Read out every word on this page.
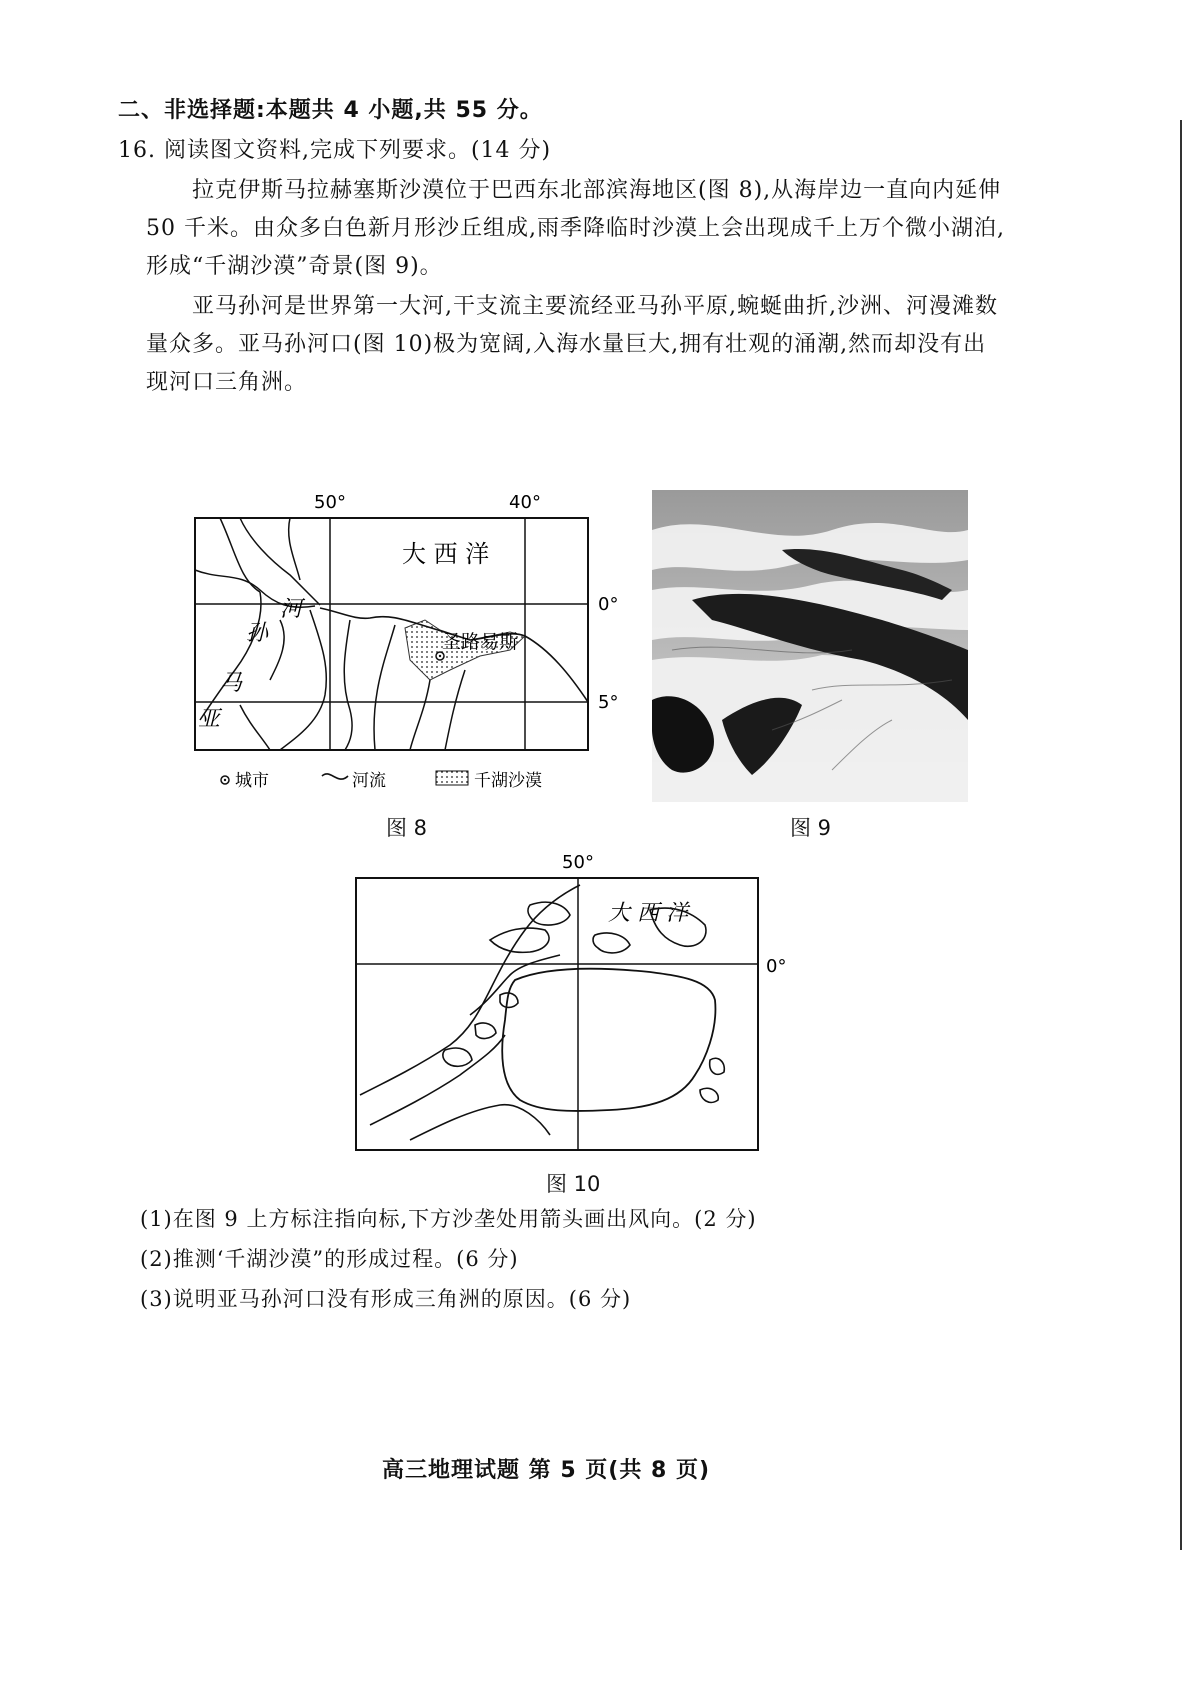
二、非选择题:本题共 4 小题,共 55 分。
16. 阅读图文资料,完成下列要求。(14 分)
拉克伊斯马拉赫塞斯沙漠位于巴西东北部滨海地区(图 8),从海岸边一直向内延伸
50 千米。由众多白色新月形沙丘组成,雨季降临时沙漠上会出现成千上万个微小湖泊,
形成“千湖沙漠”奇景(图 9)。
亚马孙河是世界第一大河,干支流主要流经亚马孙平原,蜿蜒曲折,沙洲、河漫滩数
量众多。亚马孙河口(图 10)极为宽阔,入海水量巨大,拥有壮观的涌潮,然而却没有出
现河口三角洲。
50°	40°
0°
5°
大 西 洋
河
孙
马
亚
圣路易斯
城市	河流	千湖沙漠
图 8	图 9
50°
0°
大 西 洋
图 10
(1)在图 9 上方标注指向标,下方沙垄处用箭头画出风向。(2 分)
(2)推测‘千湖沙漠”的形成过程。(6 分)
(3)说明亚马孙河口没有形成三角洲的原因。(6 分)
高三地理试题 第 5 页(共 8 页)
